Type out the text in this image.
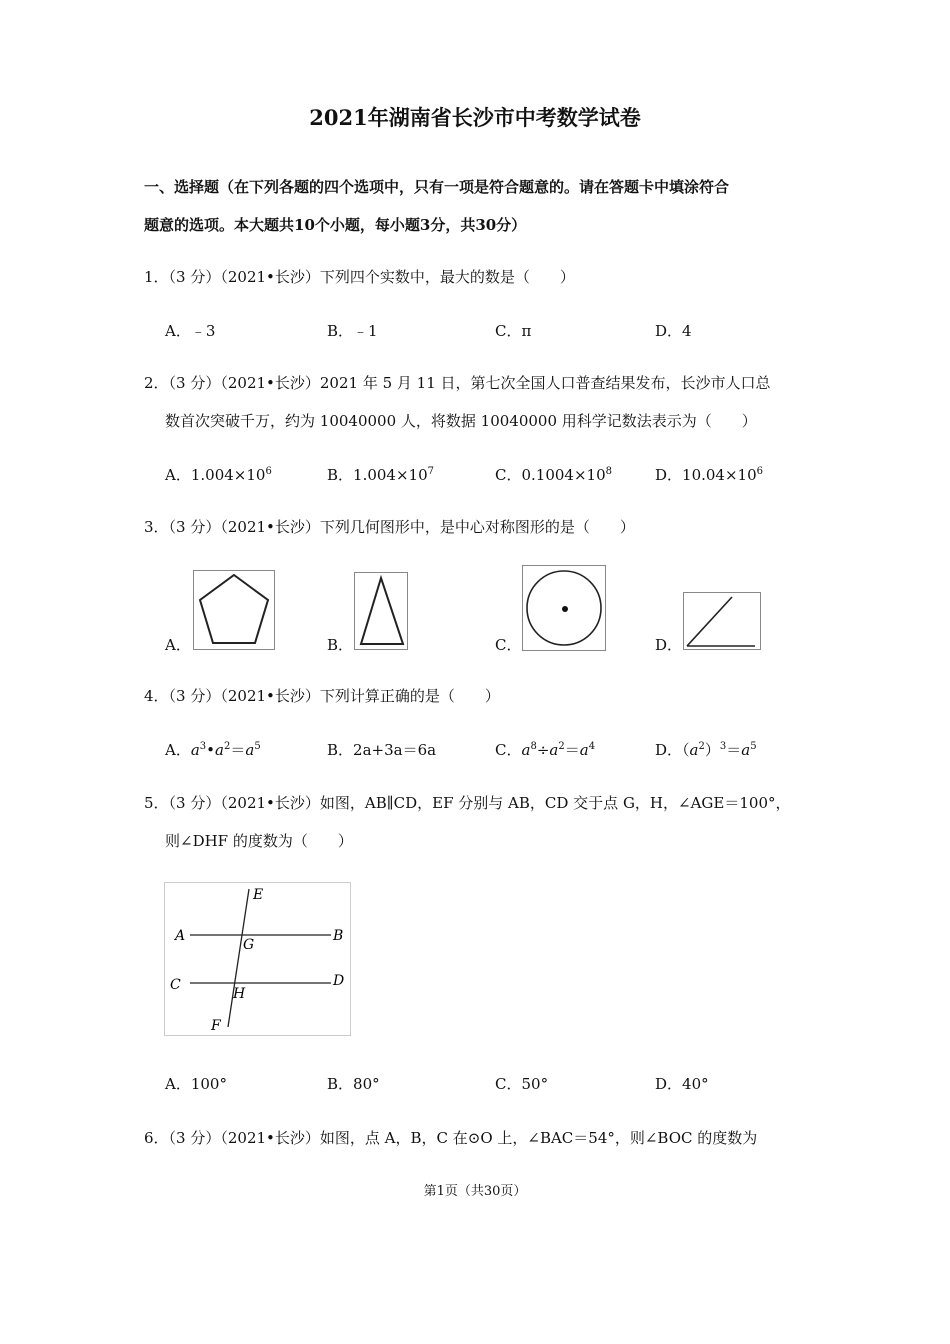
2021年湖南省长沙市中考数学试卷
一、选择题（在下列各题的四个选项中，只有一项是符合题意的。请在答题卡中填涂符合
题意的选项。本大题共10个小题，每小题3分，共30分）
1．（3 分）（2021•长沙）下列四个实数中，最大的数是（　　）
A．﹣3	B．﹣1	C．π	D．4
2．（3 分）（2021•长沙）2021 年 5 月 11 日，第七次全国人口普查结果发布，长沙市人口总
数首次突破千万，约为 10040000 人，将数据 10040000 用科学记数法表示为（　　）
A．$1.004\times 10^6$	B．$1.004\times 10^7$	C．$0.1004\times 10^8$	D．$10.04\times 10^6$
3．（3 分）（2021•长沙）下列几何图形中，是中心对称图形的是（　　）
A．	B．	C．	D．
4．（3 分）（2021•长沙）下列计算正确的是（　　）
A．$a^3•a^2=a^5$	B．2a+3a＝6a	C．$a^8\div a^2=a^4$	D．$(a^2)^3=a^5$
5．（3 分）（2021•长沙）如图，AB∥CD，EF 分别与 AB，CD 交于点 G，H，∠AGE＝100°，
则∠DHF 的度数为（　　）
A	B
C	D
E
F
G
H
A．100°	B．80°	C．50°	D．40°
6．（3 分）（2021•长沙）如图，点 A，B，C 在⊙O 上，∠BAC＝54°，则∠BOC 的度数为
第1页（共30页）
